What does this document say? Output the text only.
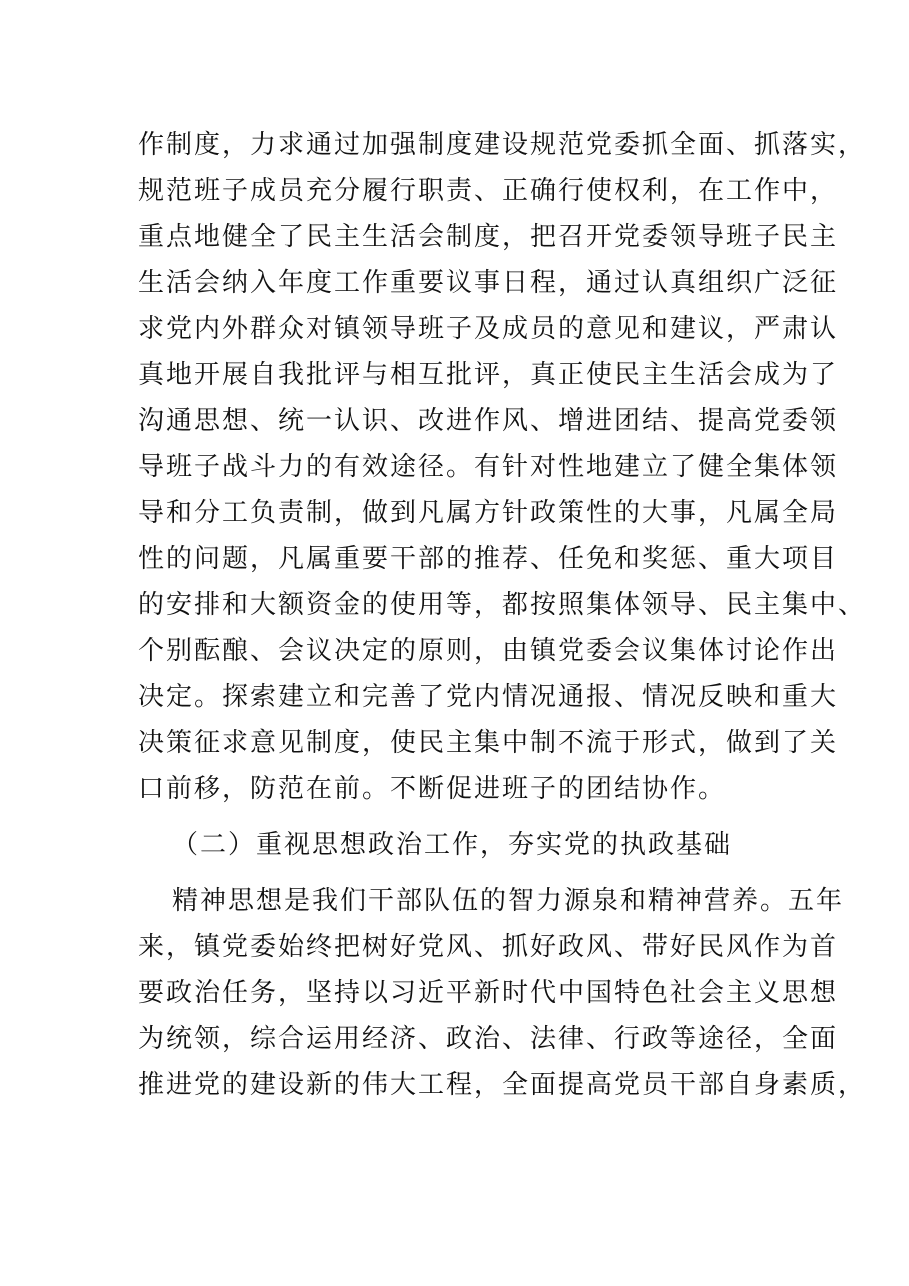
作制度，力求通过加强制度建设规范党委抓全面、抓落实，
规范班子成员充分履行职责、正确行使权利，在工作中，
重点地健全了民主生活会制度，把召开党委领导班子民主
生活会纳入年度工作重要议事日程，通过认真组织广泛征
求党内外群众对镇领导班子及成员的意见和建议，严肃认
真地开展自我批评与相互批评，真正使民主生活会成为了
沟通思想、统一认识、改进作风、增进团结、提高党委领
导班子战斗力的有效途径。有针对性地建立了健全集体领
导和分工负责制，做到凡属方针政策性的大事，凡属全局
性的问题，凡属重要干部的推荐、任免和奖惩、重大项目
的安排和大额资金的使用等，都按照集体领导、民主集中、
个别酝酿、会议决定的原则，由镇党委会议集体讨论作出
决定。探索建立和完善了党内情况通报、情况反映和重大
决策征求意见制度，使民主集中制不流于形式，做到了关
口前移，防范在前。不断促进班子的团结协作。
（二）重视思想政治工作，夯实党的执政基础
精神思想是我们干部队伍的智力源泉和精神营养。五年
来，镇党委始终把树好党风、抓好政风、带好民风作为首
要政治任务，坚持以习近平新时代中国特色社会主义思想
为统领，综合运用经济、政治、法律、行政等途径，全面
推进党的建设新的伟大工程，全面提高党员干部自身素质，
